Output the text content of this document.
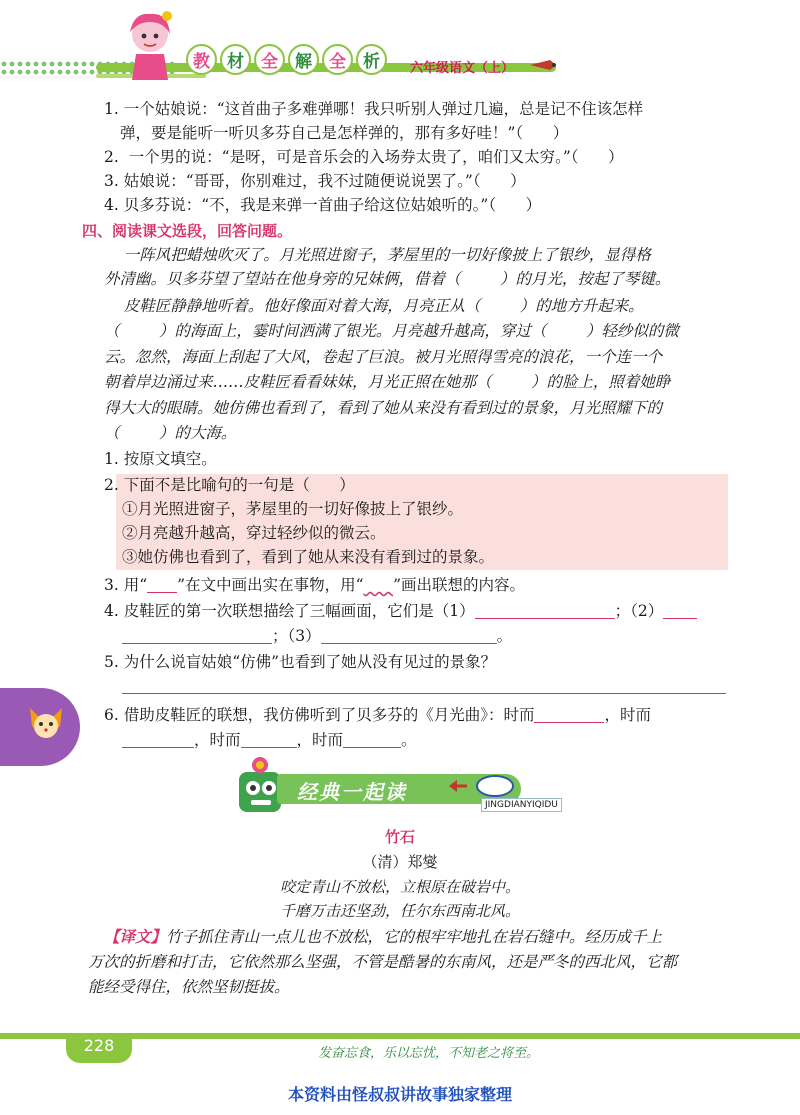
教	材	全	解	全	析	六年级语文（上）
1. 一个姑娘说：“这首曲子多难弹哪！我只听别人弹过几遍，总是记不住该怎样
弹，要是能听一听贝多芬自己是怎样弹的，那有多好哇！”（      ）
2.  一个男的说：“是呀，可是音乐会的入场券太贵了，咱们又太穷。”（      ）
3. 姑娘说：“哥哥，你别难过，我不过随便说说罢了。”（      ）
4. 贝多芬说：“不，我是来弹一首曲子给这位姑娘听的。”（      ）
四、阅读课文选段，回答问题。
一阵风把蜡烛吹灭了。月光照进窗子，茅屋里的一切好像披上了银纱，显得格
外清幽。贝多芬望了望站在他身旁的兄妹俩，借着（        ）的月光，按起了琴键。
皮鞋匠静静地听着。他好像面对着大海，月亮正从（        ）的地方升起来。
（        ）的海面上，霎时间洒满了银光。月亮越升越高，穿过（        ）轻纱似的微
云。忽然，海面上刮起了大风，卷起了巨浪。被月光照得雪亮的浪花，一个连一个
朝着岸边涌过来……皮鞋匠看看妹妹，月光正照在她那（        ）的脸上，照着她睁
得大大的眼睛。她仿佛也看到了，看到了她从来没有看到过的景象，月光照耀下的
（        ）的大海。
1. 按原文填空。
2. 下面不是比喻句的一句是（      ）
①月光照进窗子，茅屋里的一切好像披上了银纱。
②月亮越升越高，穿过轻纱似的微云。
③她仿佛也看到了，看到了她从来没有看到过的景象。
3. 用“ ”在文中画出实在事物，用“ ”画出联想的内容。
4. 皮鞋匠的第一次联想描绘了三幅画面，它们是（1）	；（2）
；（3）	。
5. 为什么说盲姑娘“仿佛”也看到了她从没有见过的景象？
6. 借助皮鞋匠的联想，我仿佛听到了贝多芬的《月光曲》：时而	，时而
，时而	，时而	。
经典一起读
JINGDIANYIQIDU
竹石
（清）郑燮
咬定青山不放松，立根原在破岩中。
千磨万击还坚劲，任尔东西南北风。
【译文】竹子抓住青山一点儿也不放松，它的根牢牢地扎在岩石缝中。经历成千上
万次的折磨和打击，它依然那么坚强，不管是酷暑的东南风，还是严冬的西北风，它都
能经受得住，依然坚韧挺拔。
228	发奋忘食，乐以忘忧，不知老之将至。
本资料由怪叔叔讲故事独家整理
